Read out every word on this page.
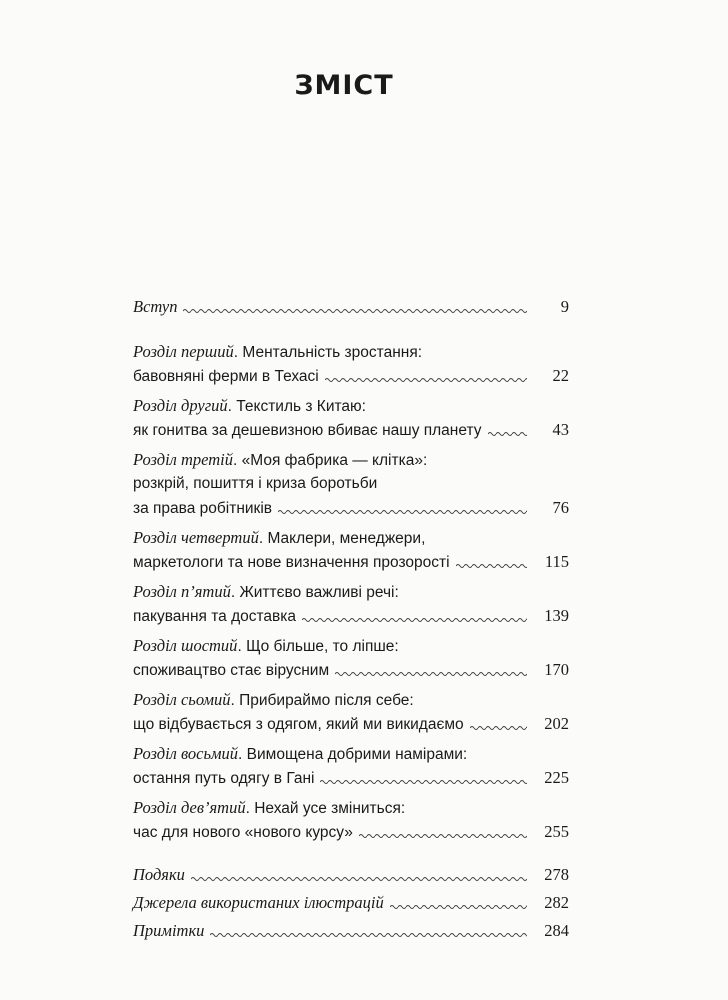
ЗМІСТ
Вступ	9
Розділ перший. Ментальність зростання:
бавовняні ферми в Техасі	22
Розділ другий. Текстиль з Китаю:
як гонитва за дешевизною вбиває нашу планету	43
Розділ третій. «Моя фабрика — клітка»:
розкрій, пошиття і криза боротьби
за права робітників	76
Розділ четвертий. Маклери, менеджери,
маркетологи та нове визначення прозорості	115
Розділ п’ятий. Життєво важливі речі:
пакування та доставка	139
Розділ шостий. Що більше, то ліпше:
споживацтво стає вірусним	170
Розділ сьомий. Прибираймо після себе:
що відбувається з одягом, який ми викидаємо	202
Розділ восьмий. Вимощена добрими намірами:
остання путь одягу в Гані	225
Розділ дев’ятий. Нехай усе зміниться:
час для нового «нового курсу»	255
Подяки	278
Джерела використаних ілюстрацій	282
Примітки	284
